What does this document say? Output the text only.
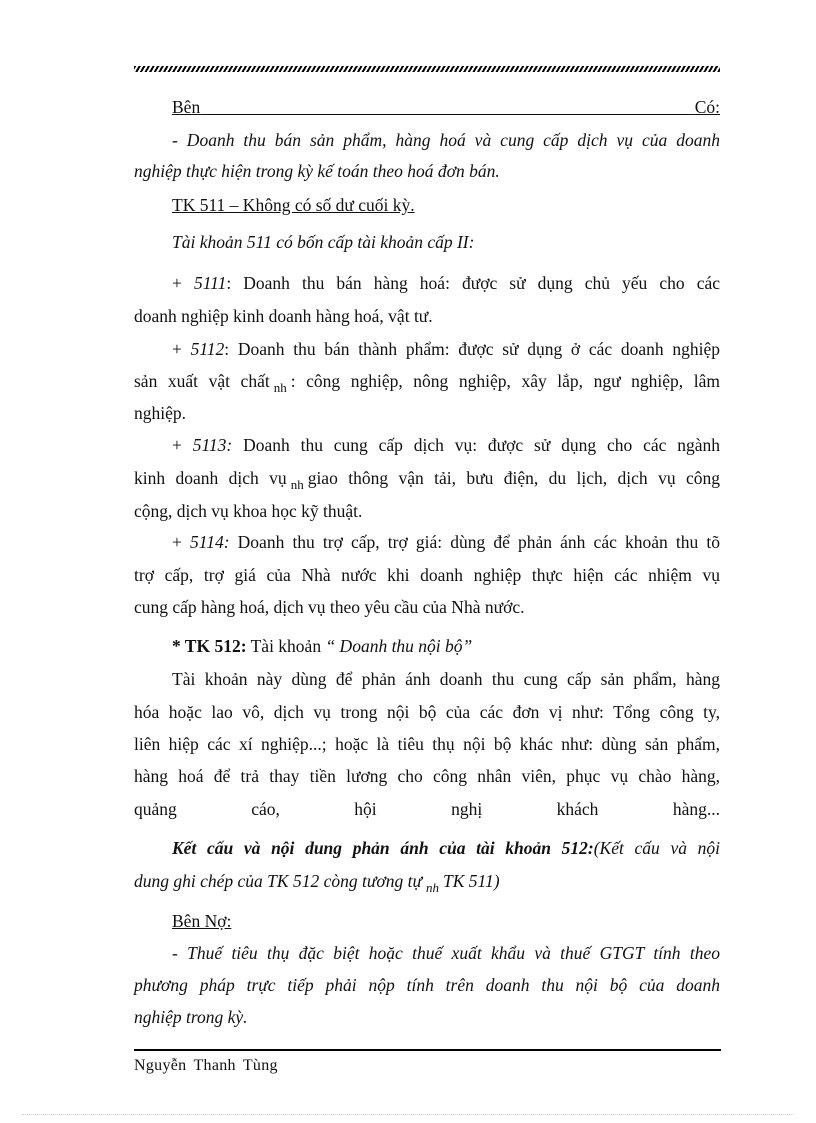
Bên	Có:
- Doanh thu bán sản phẩm, hàng hoá và cung cấp dịch vụ của doanh
nghiệp thực hiện trong kỳ kế toán theo hoá đơn bán.
TK 511 – Không có số dư cuối kỳ.
Tài khoản 511 có bốn cấp tài khoản cấp II:
+ 5111: Doanh thu bán hàng hoá: được sử dụng chủ yếu cho các
doanh nghiệp kinh doanh hàng hoá, vật tư.
+ 5112: Doanh thu bán thành phẩm: được sử dụng ở các doanh nghiệp
sản xuất vật chất $_{nh}$ : công nghiệp, nông nghiệp, xây lắp, ngư nghiệp, lâm
nghiệp.
+ 5113: Doanh thu cung cấp dịch vụ: được sử dụng cho các ngành
kinh doanh dịch vụ $_{nh}$ giao thông vận tải, bưu điện, du lịch, dịch vụ công
cộng, dịch vụ khoa học kỹ thuật.
+ 5114: Doanh thu trợ cấp, trợ giá: dùng để phản ánh các khoản thu tõ
trợ cấp, trợ giá của Nhà nước khi doanh nghiệp thực hiện các nhiệm vụ
cung cấp hàng hoá, dịch vụ theo yêu cầu của Nhà nước.
* TK 512: Tài khoản “ Doanh thu nội bộ”
Tài khoản này dùng để phản ánh doanh thu cung cấp sản phẩm, hàng
hóa hoặc lao vô, dịch vụ trong nội bộ của các đơn vị như: Tổng công ty,
liên hiệp các xí nghiệp...; hoặc là tiêu thụ nội bộ khác như: dùng sản phẩm,
hàng hoá để trả thay tiền lương cho công nhân viên, phục vụ chào hàng,
quảng cáo, hội nghị khách hàng...
Kết cấu và nội dung phản ánh của tài khoản 512:(Kết cấu và nội
dung ghi chép của TK 512 còng tương tự $_{nh}$ TK 511)
Bên Nợ:
- Thuế tiêu thụ đặc biệt hoặc thuế xuất khẩu và thuế GTGT tính theo
phương pháp trực tiếp phải nộp tính trên doanh thu nội bộ của doanh
nghiệp trong kỳ.
Nguyễn Thanh Tùng
